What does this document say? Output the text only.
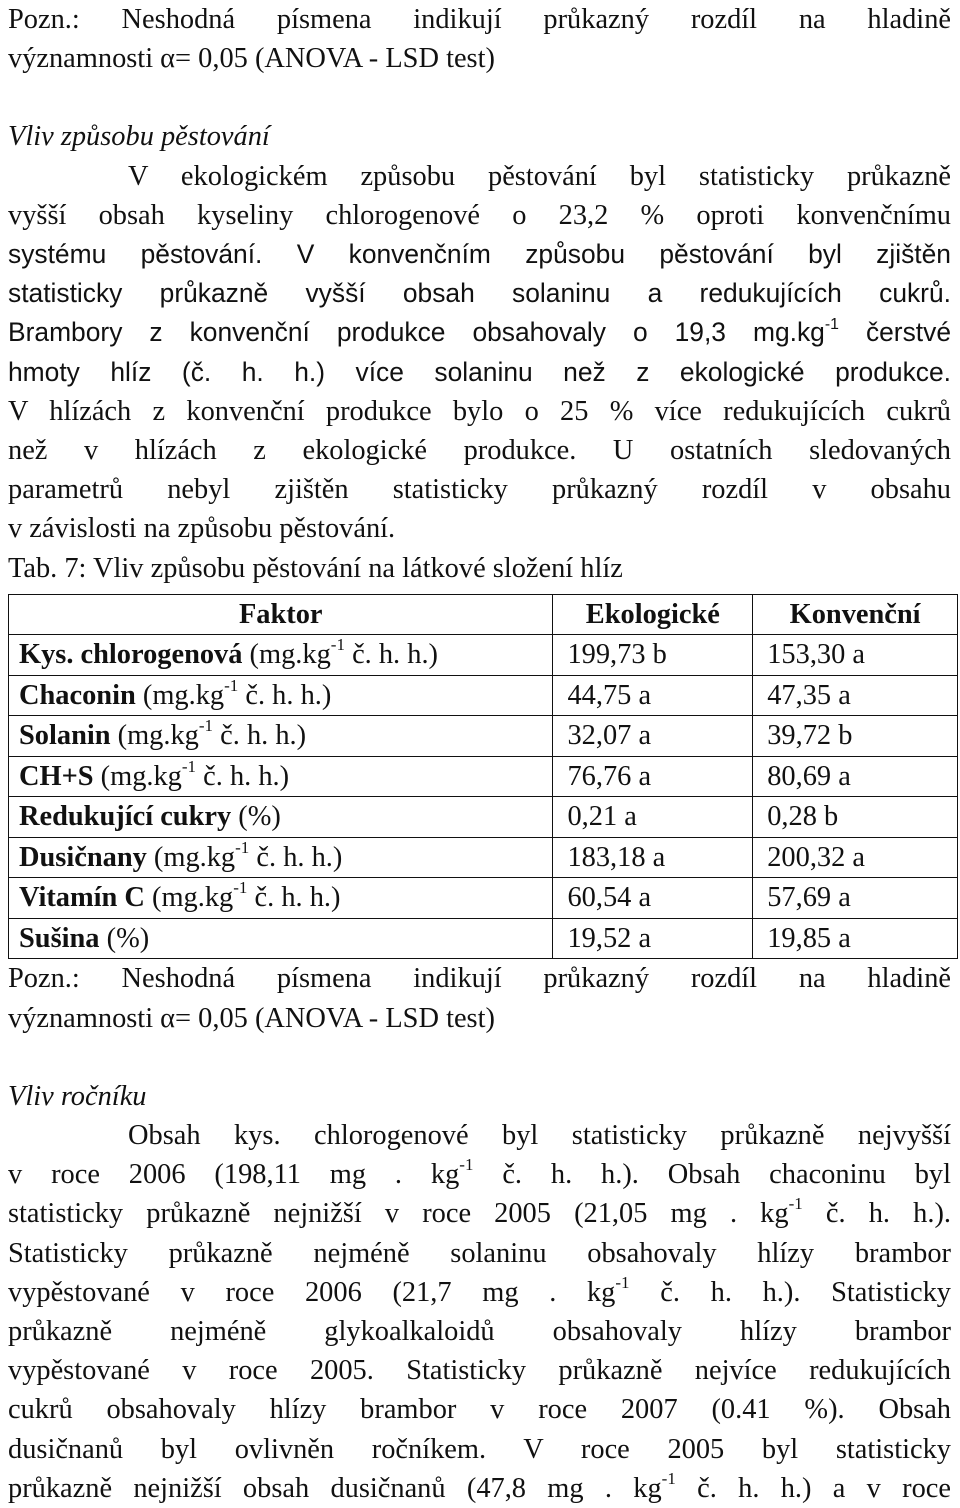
Pozn.: Neshodná písmena indikují průkazný rozdíl na hladině

významnosti α= 0,05 (ANOVA - LSD test)

Vliv způsobu pěstování

V ekologickém způsobu pěstování byl statisticky průkazně

vyšší obsah kyseliny chlorogenové o 23,2 % oproti konvenčnímu

systému pěstování. V konvenčním způsobu pěstování byl zjištěn

statisticky průkazně vyšší obsah solaninu a redukujících cukrů.

Brambory z konvenční produkce obsahovaly o 19,3 $mg.kg^{-1}$ čerstvé

hmoty hlíz (č. h. h.) více solaninu než z ekologické produkce.

V hlízách z konvenční produkce bylo o 25 % více redukujících cukrů

než v hlízách z ekologické produkce. U ostatních sledovaných

parametrů nebyl zjištěn statisticky průkazný rozdíl v obsahu

v závislosti na způsobu pěstování.

Tab. 7: Vliv způsobu pěstování na látkové složení hlíz

Faktor	Ekologické	Konvenční
Kys. chlorogenová ($mg.kg^{-1}$ č. h. h.)	199,73 b	153,30 a
Chaconin ($mg.kg^{-1}$ č. h. h.)	44,75 a	47,35 a
Solanin ($mg.kg^{-1}$ č. h. h.)	32,07 a	39,72 b
CH+S ($mg.kg^{-1}$ č. h. h.)	76,76 a	80,69 a
Redukující cukry (%)	0,21 a	0,28 b
Dusičnany ($mg.kg^{-1}$ č. h. h.)	183,18 a	200,32 a
Vitamín C ($mg.kg^{-1}$ č. h. h.)	60,54 a	57,69 a
Sušina (%)	19,52 a	19,85 a

Pozn.: Neshodná písmena indikují průkazný rozdíl na hladině

významnosti α= 0,05 (ANOVA - LSD test)

Vliv ročníku

Obsah kys. chlorogenové byl statisticky průkazně nejvyšší

v roce 2006 (198,11 mg . $kg^{-1}$ č. h. h.). Obsah chaconinu byl

statisticky průkazně nejnižší v roce 2005 (21,05 mg . $kg^{-1}$ č. h. h.).

Statisticky průkazně nejméně solaninu obsahovaly hlízy brambor

vypěstované v roce 2006 (21,7 mg . $kg^{-1}$ č. h. h.). Statisticky

průkazně nejméně glykoalkaloidů obsahovaly hlízy brambor

vypěstované v roce 2005. Statisticky průkazně nejvíce redukujících

cukrů obsahovaly hlízy brambor v roce 2007 (0.41 %). Obsah

dusičnanů byl ovlivněn ročníkem. V roce 2005 byl statisticky

průkazně nejnižší obsah dusičnanů (47,8 mg . $kg^{-1}$ č. h. h.) a v roce
